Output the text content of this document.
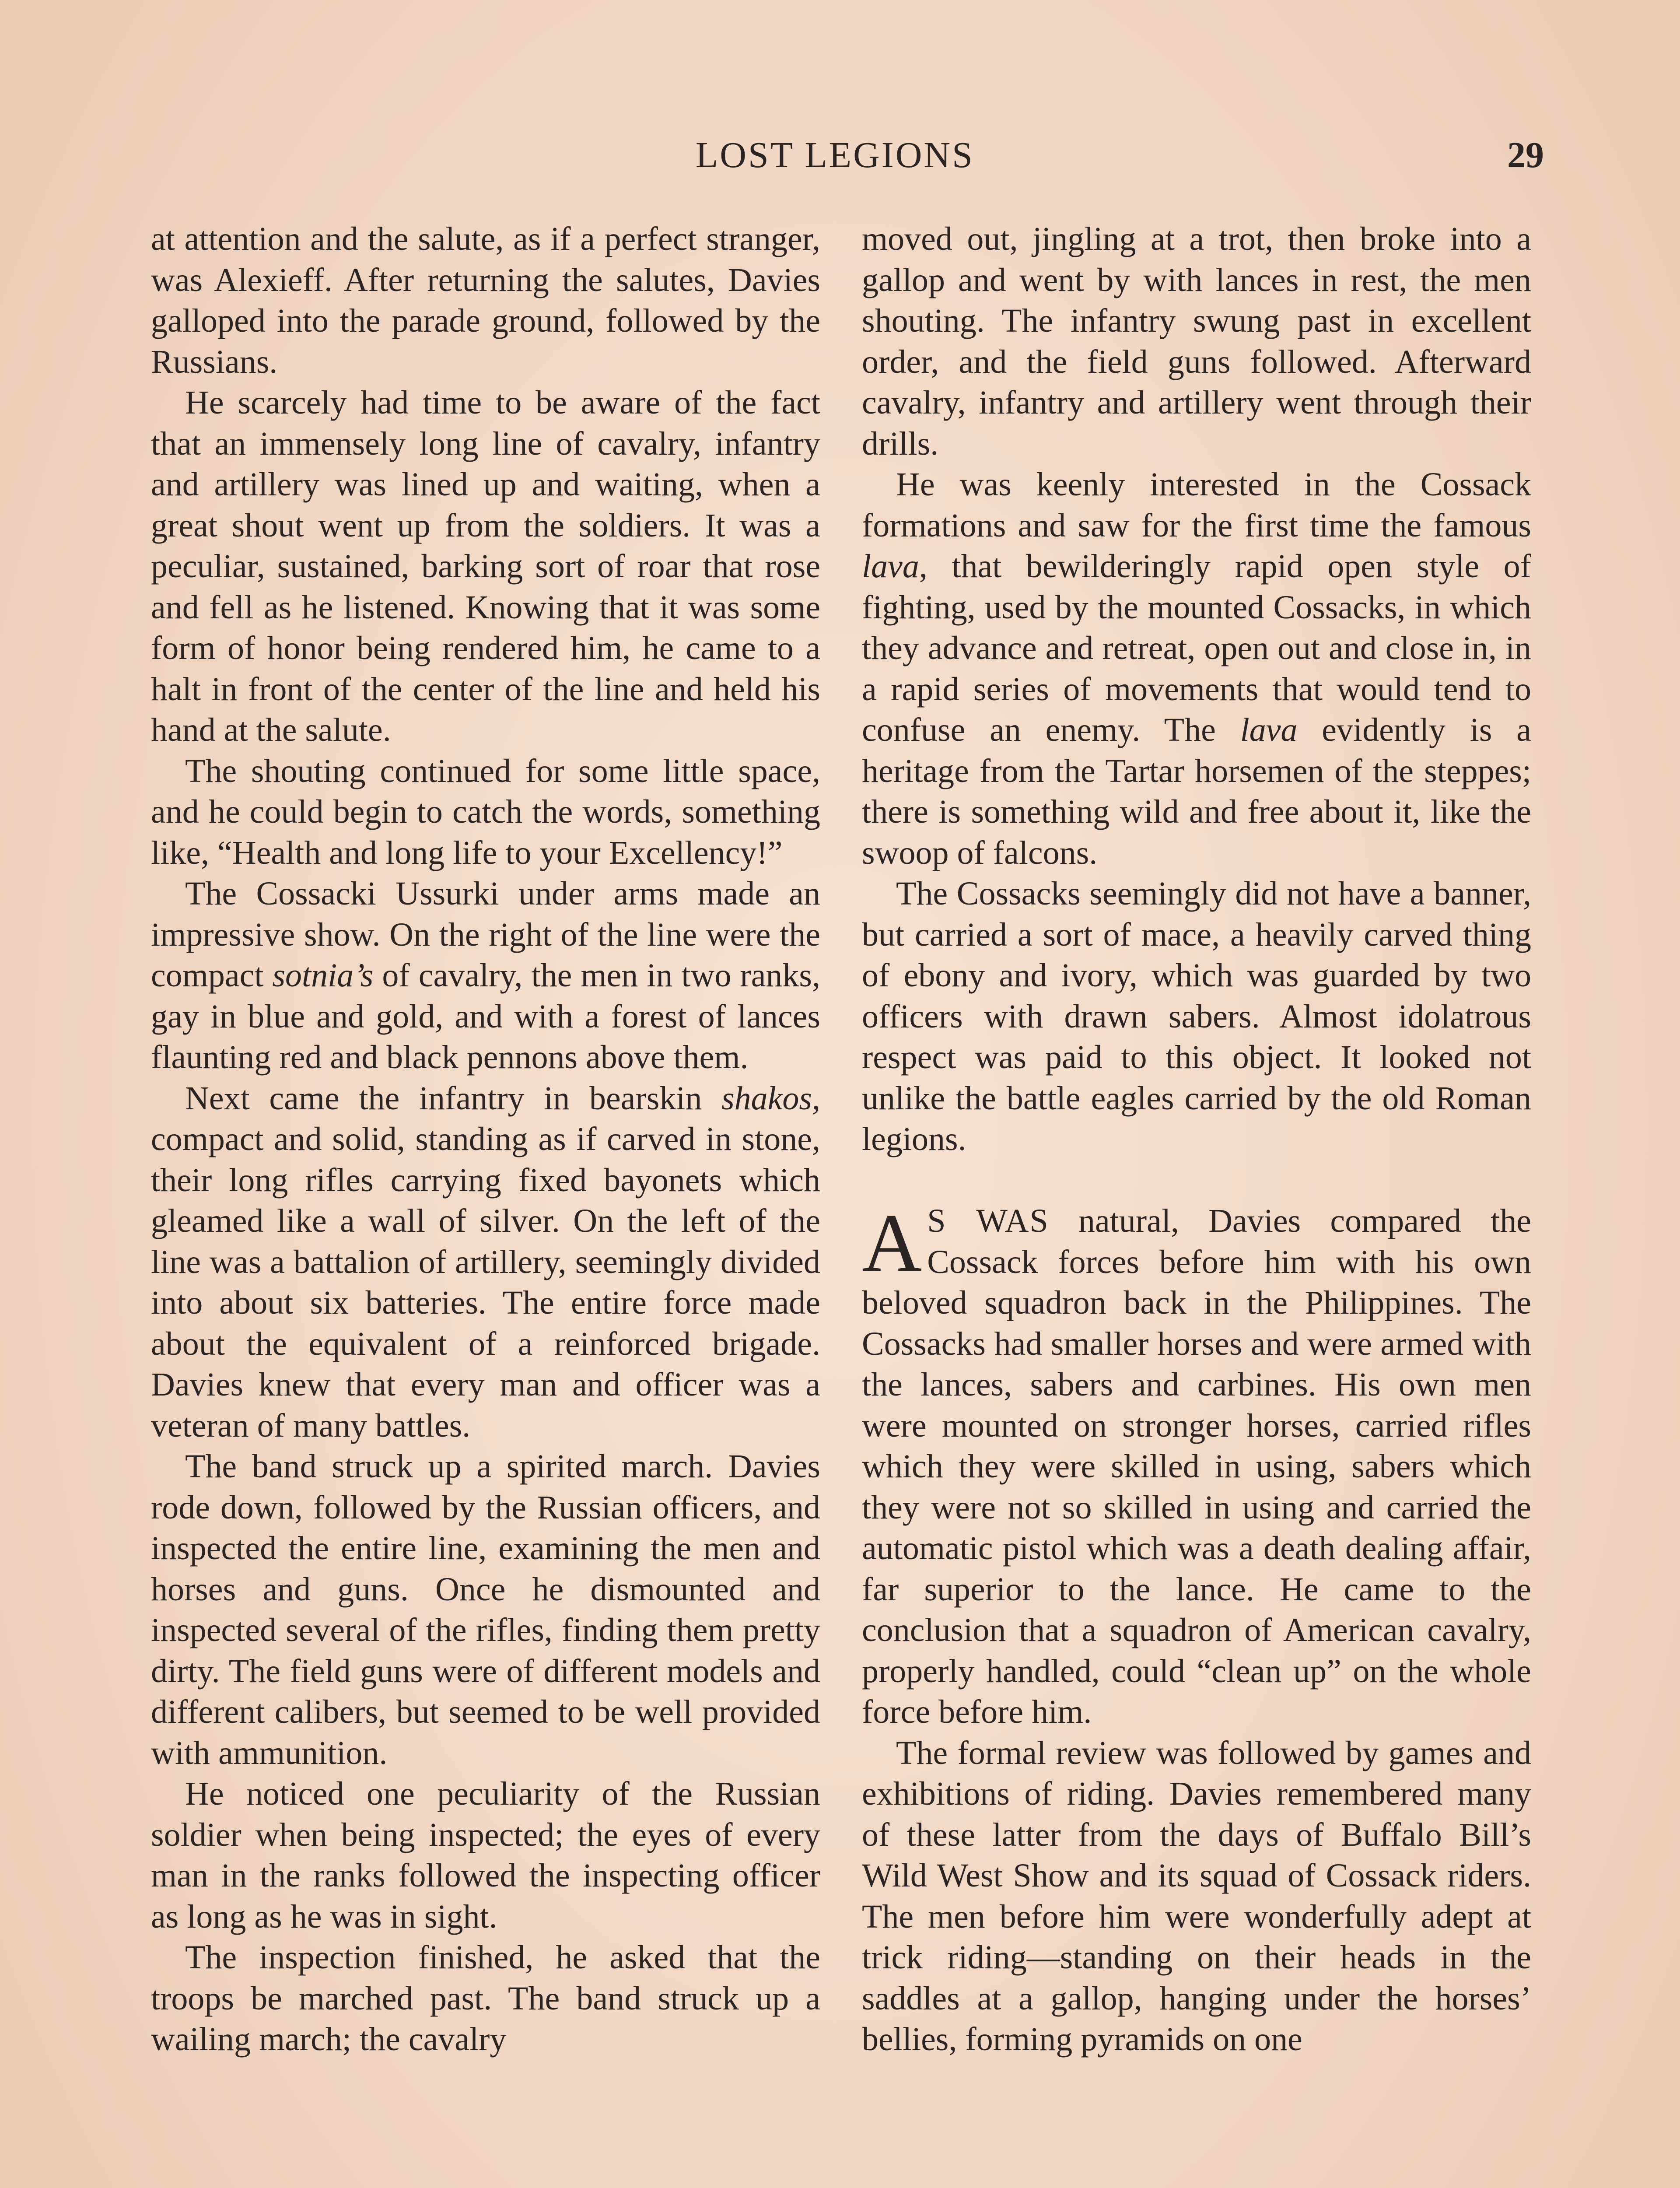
LOST LEGIONS	29

at attention and the salute, as if a perfect stranger, was Alexieff. After returning the salutes, Davies galloped into the parade ground, followed by the Russians.

He scarcely had time to be aware of the fact that an immensely long line of cavalry, infantry and artillery was lined up and waiting, when a great shout went up from the soldiers. It was a peculiar, sustained, barking sort of roar that rose and fell as he listened. Knowing that it was some form of honor being rendered him, he came to a halt in front of the center of the line and held his hand at the salute.

The shouting continued for some little space, and he could begin to catch the words, something like, “Health and long life to your Excellency!”

The Cossacki Ussurki under arms made an impressive show. On the right of the line were the compact sotnia’s of cavalry, the men in two ranks, gay in blue and gold, and with a forest of lances flaunting red and black pennons above them.

Next came the infantry in bearskin shakos, compact and solid, standing as if carved in stone, their long rifles carrying fixed bayonets which gleamed like a wall of silver. On the left of the line was a battalion of artillery, seemingly divided into about six batteries. The entire force made about the equivalent of a reinforced brigade. Davies knew that every man and officer was a veteran of many battles.

The band struck up a spirited march. Davies rode down, followed by the Russian officers, and inspected the entire line, examining the men and horses and guns. Once he dismounted and inspected several of the rifles, finding them pretty dirty. The field guns were of different models and different calibers, but seemed to be well provided with ammunition.

He noticed one peculiarity of the Russian soldier when being inspected; the eyes of every man in the ranks followed the inspecting officer as long as he was in sight.

The inspection finished, he asked that the troops be marched past. The band struck up a wailing march; the cavalry

moved out, jingling at a trot, then broke into a gallop and went by with lances in rest, the men shouting. The infantry swung past in excellent order, and the field guns followed. Afterward cavalry, infantry and artillery went through their drills.

He was keenly interested in the Cossack formations and saw for the first time the famous lava, that bewilderingly rapid open style of fighting, used by the mounted Cossacks, in which they advance and retreat, open out and close in, in a rapid series of movements that would tend to confuse an enemy. The lava evidently is a heritage from the Tartar horsemen of the steppes; there is something wild and free about it, like the swoop of falcons.

The Cossacks seemingly did not have a banner, but carried a sort of mace, a heavily carved thing of ebony and ivory, which was guarded by two officers with drawn sabers. Almost idolatrous respect was paid to this object. It looked not unlike the battle eagles carried by the old Roman legions.

A S WAS natural, Davies compared the Cossack forces before him with his own beloved squadron back in the Philippines. The Cossacks had smaller horses and were armed with the lances, sabers and carbines. His own men were mounted on stronger horses, carried rifles which they were skilled in using, sabers which they were not so skilled in using and carried the automatic pistol which was a death dealing affair, far superior to the lance. He came to the conclusion that a squadron of American cavalry, properly handled, could “clean up” on the whole force before him.

The formal review was followed by games and exhibitions of riding. Davies remembered many of these latter from the days of Buffalo Bill’s Wild West Show and its squad of Cossack riders. The men before him were wonderfully adept at trick riding—standing on their heads in the saddles at a gallop, hanging under the horses’ bellies, forming pyramids on one
